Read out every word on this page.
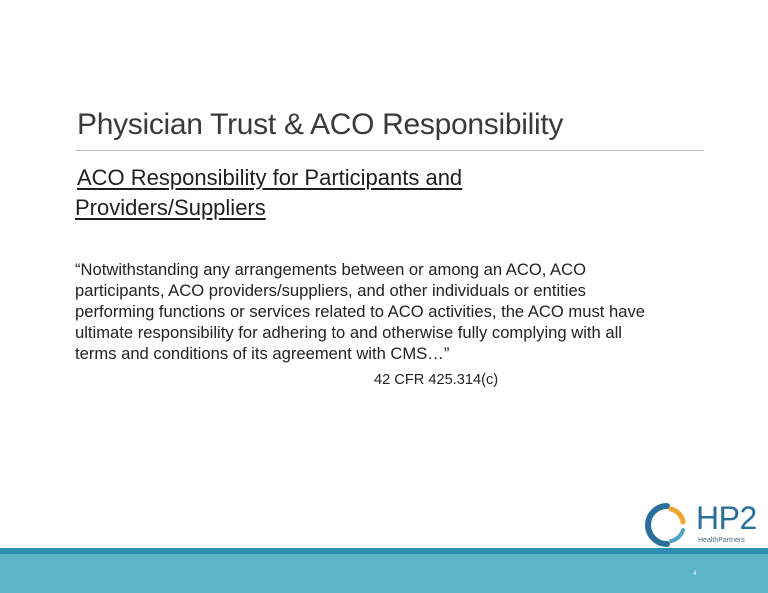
Physician Trust & ACO Responsibility
ACO Responsibility for Participants and
Providers/Suppliers
“Notwithstanding any arrangements between or among an ACO, ACO
participants, ACO providers/suppliers, and other individuals or entities
performing functions or services related to ACO activities, the ACO must have
ultimate responsibility for adhering to and otherwise fully complying with all
terms and conditions of its agreement with CMS…”
42 CFR 425.314(c)
HP2
HealthPartners
4
